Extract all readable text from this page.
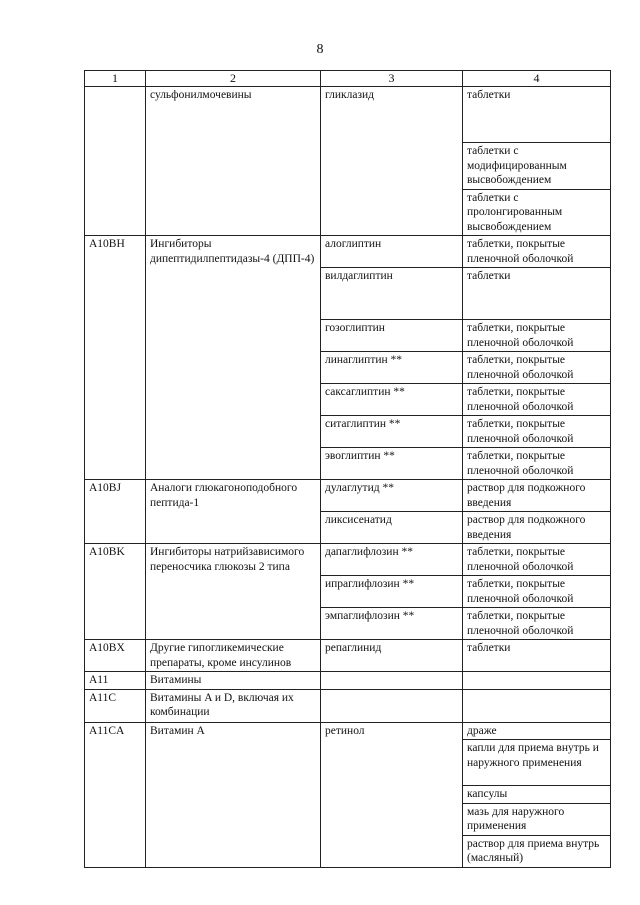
8
1	2	3	4
	сульфонилмочевины	гликлазид	таблетки
			таблетки с модифицированным высвобождением
			таблетки с пролонгированным высвобождением
A10BH	Ингибиторы дипептидилпептидазы-4 (ДПП-4)	алоглиптин	таблетки, покрытые пленочной оболочкой
		вилдаглиптин	таблетки
		гозоглиптин	таблетки, покрытые пленочной оболочкой
		линаглиптин **	таблетки, покрытые пленочной оболочкой
		саксаглиптин **	таблетки, покрытые пленочной оболочкой
		ситаглиптин **	таблетки, покрытые пленочной оболочкой
		эвоглиптин **	таблетки, покрытые пленочной оболочкой
A10BJ	Аналоги глюкагоноподобного пептида-1	дулаглутид **	раствор для подкожного введения
		ликсисенатид	раствор для подкожного введения
A10BK	Ингибиторы натрийзависимого переносчика глюкозы 2 типа	дапаглифлозин **	таблетки, покрытые пленочной оболочкой
		ипраглифлозин **	таблетки, покрытые пленочной оболочкой
		эмпаглифлозин **	таблетки, покрытые пленочной оболочкой
A10BX	Другие гипогликемические препараты, кроме инсулинов	репаглинид	таблетки
A11	Витамины		
A11C	Витамины A и D, включая их комбинации		
A11CA	Витамин A	ретинол	драже
			капли для приема внутрь и наружного применения
			капсулы
			мазь для наружного применения
			раствор для приема внутрь (масляный)
